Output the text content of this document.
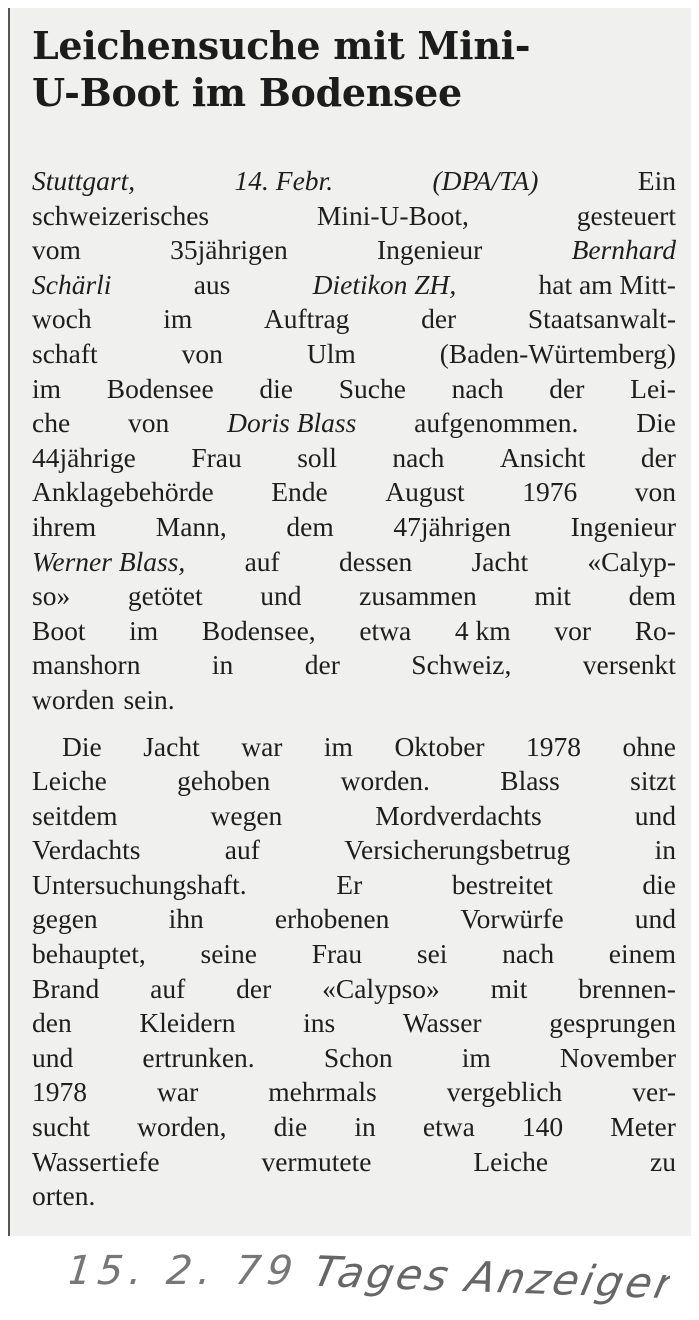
Leichensuche mit Mini-
U-Boot im Bodensee
Stuttgart,	14. Febr.	(DPA/TA)	Ein
schweizerisches	Mini-U-Boot,	gesteuert
vom	35jährigen	Ingenieur	Bernhard
Schärli	aus	Dietikon ZH,	hat am Mitt-
woch	im	Auftrag	der	Staatsanwalt-
schaft	von	Ulm	(Baden-Würtemberg)
im Bodensee die Suche nach der Lei-
che von Doris Blass aufgenommen. Die
44jährige Frau soll nach Ansicht der
Anklagebehörde Ende August 1976 von
ihrem Mann, dem 47jährigen Ingenieur
Werner Blass, auf dessen Jacht «Calyp-
so» getötet und zusammen mit dem
Boot im Bodensee, etwa 4 km vor Ro-
manshorn	in	der	Schweiz,	versenkt
worden sein.
Die Jacht war im Oktober 1978 ohne
Leiche	gehoben	worden.	Blass	sitzt
seitdem	wegen	Mordverdachts	und
Verdachts	auf	Versicherungsbetrug	in
Untersuchungshaft.	Er	bestreitet	die
gegen	ihn	erhobenen	Vorwürfe	und
behauptet, seine Frau sei nach einem
Brand auf der «Calypso» mit brennen-
den Kleidern ins Wasser gesprungen
und	ertrunken.	Schon	im	November
1978	war	mehrmals	vergeblich	ver-
sucht worden, die in etwa 140 Meter
Wassertiefe	vermutete	Leiche	zu
orten.
15. 2. 79 Tages Anzeiger
